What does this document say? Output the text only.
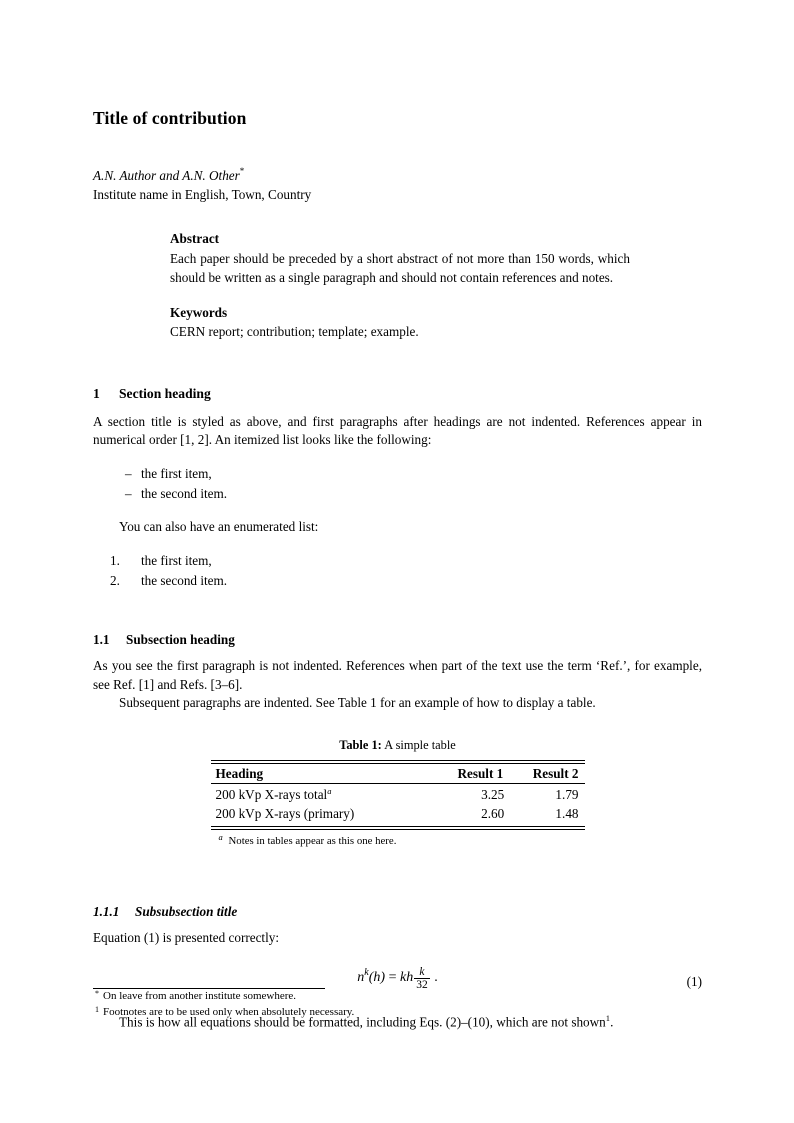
Title of contribution
A.N. Author and A.N. Other*
Institute name in English, Town, Country
Abstract
Each paper should be preceded by a short abstract of not more than 150 words, which should be written as a single paragraph and should not contain references and notes.
Keywords
CERN report; contribution; template; example.
1 Section heading

A section title is styled as above, and first paragraphs after headings are not indented. References appear in numerical order [1, 2]. An itemized list looks like the following:

– the first item,
– the second item.

You can also have an enumerated list:

1. the first item,
2. the second item.
1.1 Subsection heading

As you see the first paragraph is not indented. References when part of the text use the term ‘Ref.’, for example, see Ref. [1] and Refs. [3–6].

Subsequent paragraphs are indented. See Table 1 for an example of how to display a table.

Table 1: A simple table
Heading	Result 1	Result 2
200 kVp X-rays total$^a$	3.25	1.79
200 kVp X-rays (primary)	2.60	1.48
a Notes in tables appear as this one here.
1.1.1 Subsubsection title

Equation (1) is presented correctly:

$n^k(h)$ = kh $\frac{k}{32}$ .	(1)

This is how all equations should be formatted, including Eqs. (2)–(10), which are not shown$^1$.

* On leave from another institute somewhere.
1 Footnotes are to be used only when absolutely necessary.
